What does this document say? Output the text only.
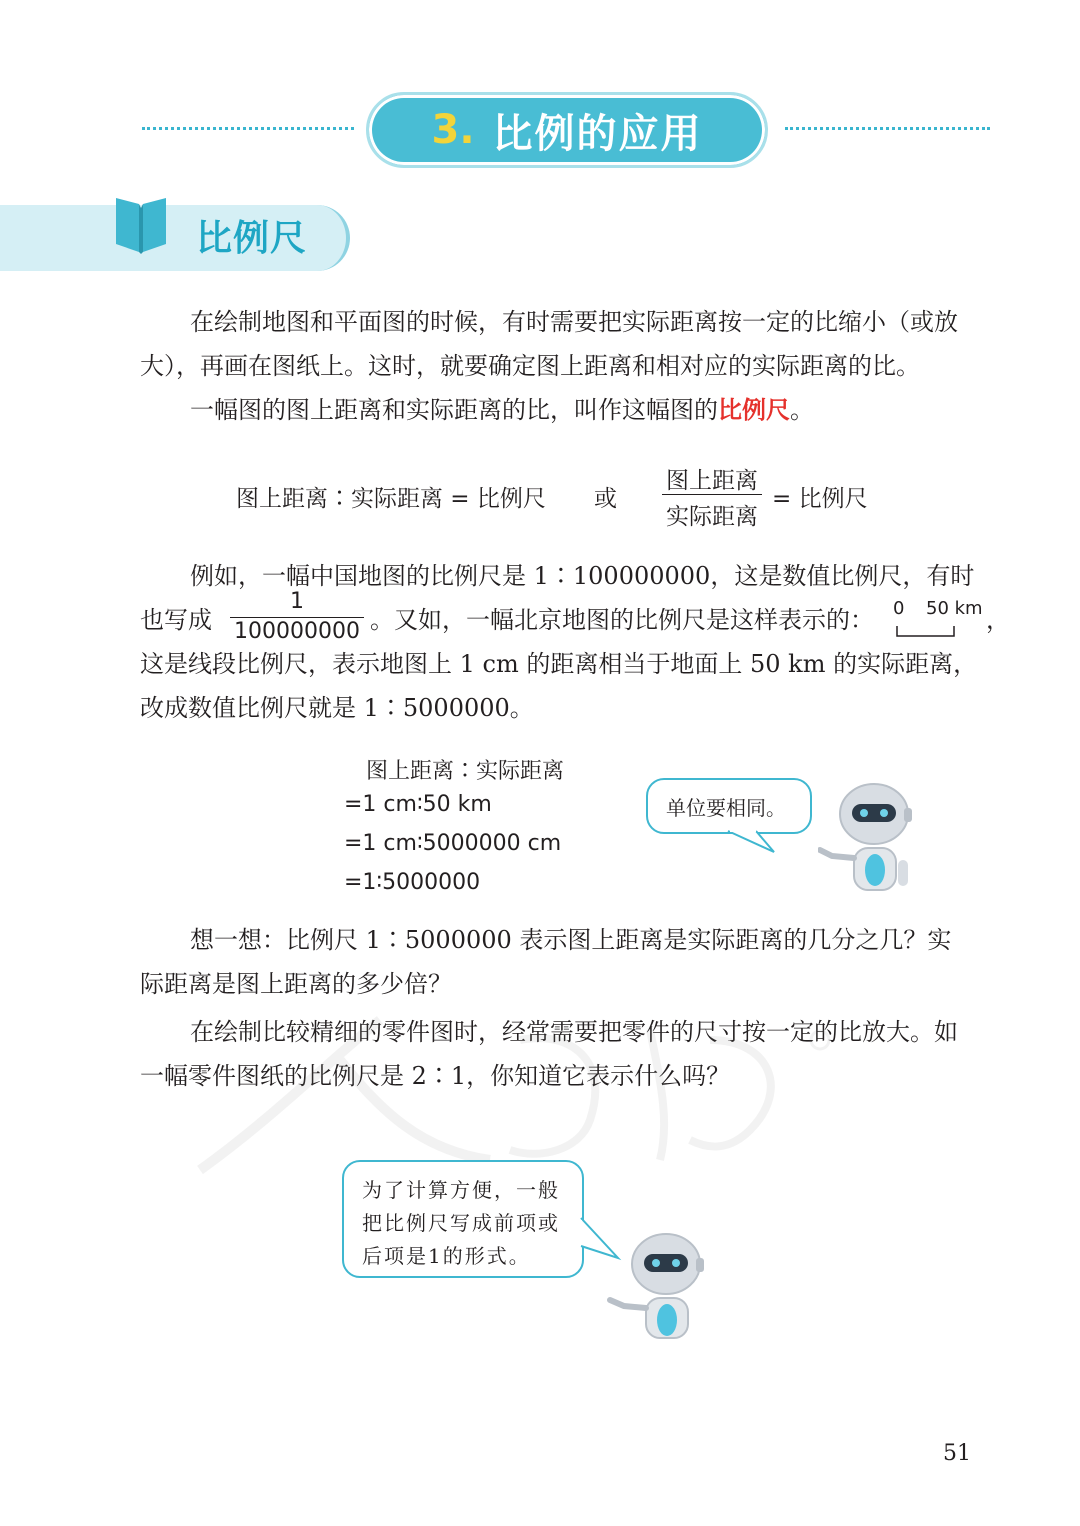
3. 比例的应用
比例尺
在绘制地图和平面图的时候，有时需要把实际距离按一定的比缩小（或放
大），再画在图纸上。这时，就要确定图上距离和相对应的实际距离的比。
一幅图的图上距离和实际距离的比，叫作这幅图的比例尺。
图上距离∶实际距离 = 比例尺 或
图上距离
实际距离
= 比例尺
例如，一幅中国地图的比例尺是 1∶100000000，这是数值比例尺，有时
也写成
1
100000000 。又如，一幅北京地图的比例尺是这样表示的： 0 50 km ，
这是线段比例尺，表示地图上 1 cm 的距离相当于地面上 50 km 的实际距离，
改成数值比例尺就是 1∶5000000。
图上距离∶实际距离
=1 cm∶50 km
=1 cm∶5000000 cm
=1∶5000000
单位要相同。
想一想：比例尺 1∶5000000 表示图上距离是实际距离的几分之几？实
际距离是图上距离的多少倍？
在绘制比较精细的零件图时，经常需要把零件的尺寸按一定的比放大。如
一幅零件图纸的比例尺是 2∶1，你知道它表示什么吗？
为了计算方便，一般
把比例尺写成前项或
后项是1的形式。
51
